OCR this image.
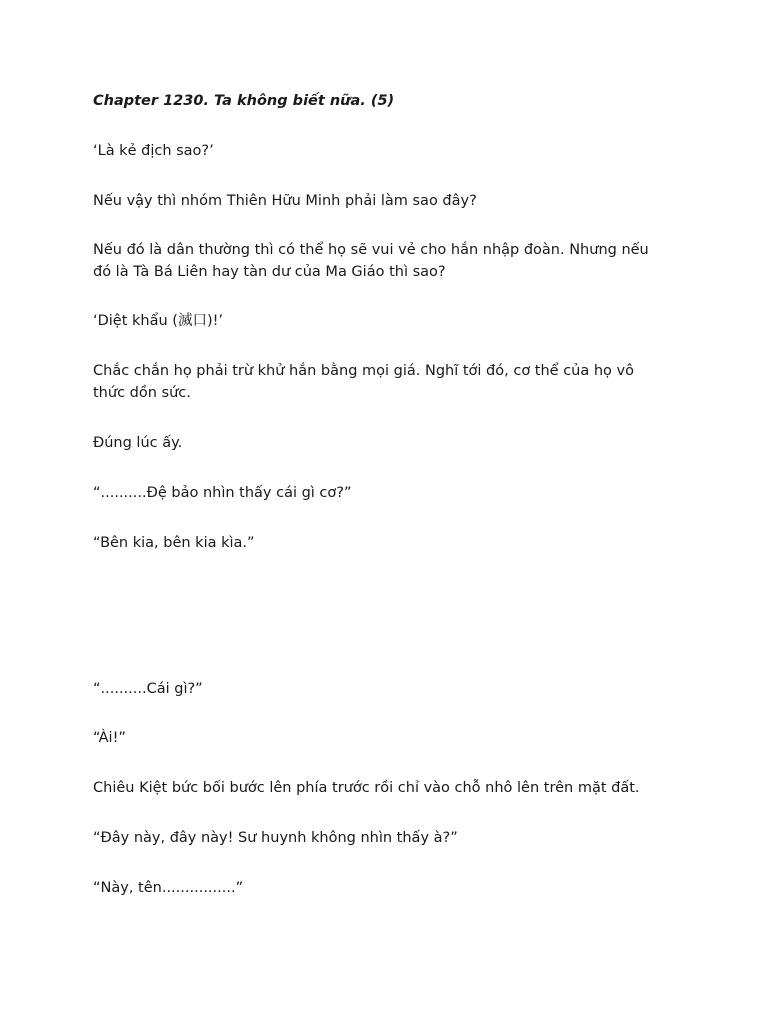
Chapter 1230. Ta không biết nữa. (5)

‘Là kẻ địch sao?’

Nếu vậy thì nhóm Thiên Hữu Minh phải làm sao đây?

Nếu đó là dân thường thì có thể họ sẽ vui vẻ cho hắn nhập đoàn. Nhưng nếu

đó là Tà Bá Liên hay tàn dư của Ma Giáo thì sao?

‘Diệt khẩu (滅口)!’

Chắc chắn họ phải trừ khử hắn bằng mọi giá. Nghĩ tới đó, cơ thể của họ vô

thức dồn sức.

Đúng lúc ấy.

“..........Đệ bảo nhìn thấy cái gì cơ?”

“Bên kia, bên kia kìa.”

“..........Cái gì?”

“Ài!”

Chiêu Kiệt bức bối bước lên phía trước rồi chỉ vào chỗ nhô lên trên mặt đất.

“Đây này, đây này! Sư huynh không nhìn thấy à?”

“Này, tên................”
